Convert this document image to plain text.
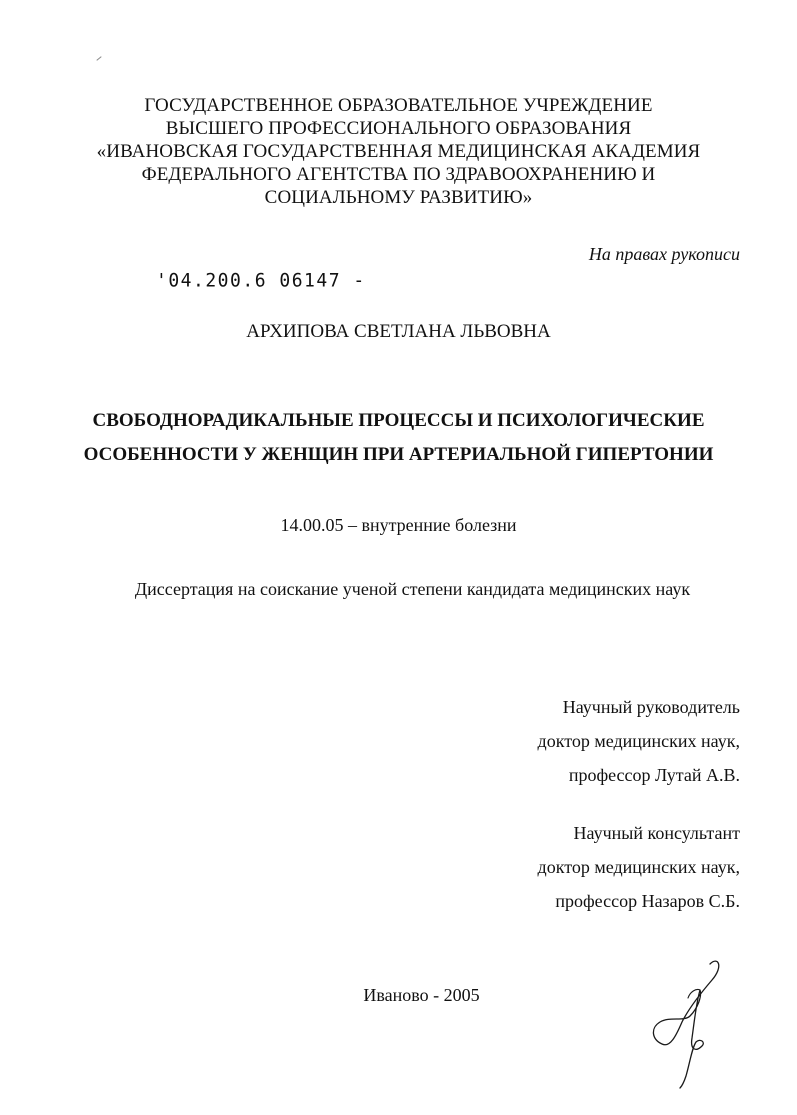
ГОСУДАРСТВЕННОЕ ОБРАЗОВАТЕЛЬНОЕ УЧРЕЖДЕНИЕ
ВЫСШЕГО ПРОФЕССИОНАЛЬНОГО ОБРАЗОВАНИЯ
«ИВАНОВСКАЯ ГОСУДАРСТВЕННАЯ МЕДИЦИНСКАЯ АКАДЕМИЯ
ФЕДЕРАЛЬНОГО АГЕНТСТВА ПО ЗДРАВООХРАНЕНИЮ И
СОЦИАЛЬНОМУ РАЗВИТИЮ»
На правах рукописи
'04.200.6 06147 -
АРХИПОВА СВЕТЛАНА ЛЬВОВНА
СВОБОДНОРАДИКАЛЬНЫЕ ПРОЦЕССЫ И ПСИХОЛОГИЧЕСКИЕ
ОСОБЕННОСТИ У ЖЕНЩИН ПРИ АРТЕРИАЛЬНОЙ ГИПЕРТОНИИ
14.00.05 – внутренние болезни
Диссертация на соискание ученой степени кандидата медицинских наук
Научный руководитель
доктор медицинских наук,
профессор Лутай А.В.
Научный консультант
доктор медицинских наук,
профессор Назаров С.Б.
Иваново - 2005
